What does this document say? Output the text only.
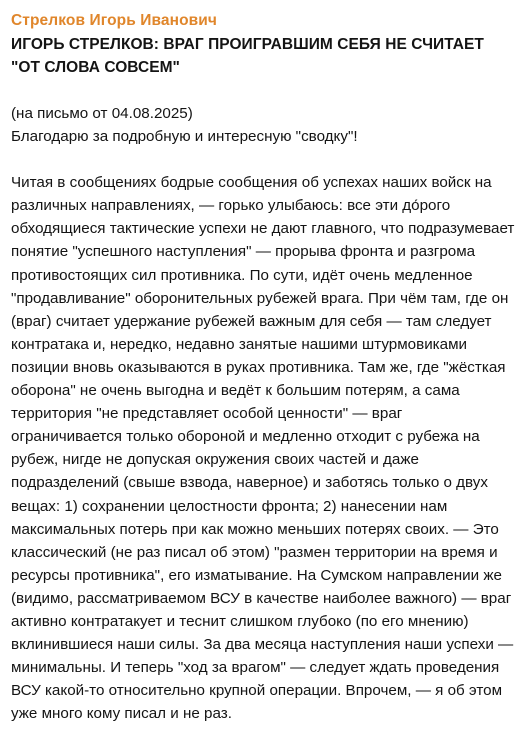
Стрелков Игорь Иванович
ИГОРЬ СТРЕЛКОВ: ВРАГ ПРОИГРАВШИМ СЕБЯ НЕ СЧИТАЕТ "ОТ СЛОВА СОВСЕМ"
(на письмо от 04.08.2025)
Благодарю за подробную и интересную "сводку"!

Читая в сообщениях бодрые сообщения об успехах наших войск на различных направлениях, — горько улыбаюсь: все эти до́рого обходящиеся тактические успехи не дают главного, что подразумевает понятие "успешного наступления" — прорыва фронта и разгрома противостоящих сил противника. По сути, идёт очень медленное "продавливание" оборонительных рубежей врага. При чём там, где он (враг) считает удержание рубежей важным для себя — там следует контратака и, нередко, недавно занятые нашими штурмовиками позиции вновь оказываются в руках противника. Там же, где "жёсткая оборона" не очень выгодна и ведёт к большим потерям, а сама территория "не представляет особой ценности" — враг ограничивается только обороной и медленно отходит с рубежа на рубеж, нигде не допуская окружения своих частей и даже подразделений (свыше взвода, наверное) и заботясь только о двух вещах: 1) сохранении целостности фронта; 2) нанесении нам максимальных потерь при как можно меньших потерях своих. — Это классический (не раз писал об этом) "размен территории на время и ресурсы противника", его изматывание. На Сумском направлении же (видимо, рассматриваемом ВСУ в качестве наиболее важного) — враг активно контратакует и теснит слишком глубоко (по его мнению) вклинившиеся наши силы. За два месяца наступления наши успехи — минимальны. И теперь "ход за врагом" — следует ждать проведения ВСУ какой-то относительно крупной операции. Впрочем, — я об этом уже много кому писал и не раз.
